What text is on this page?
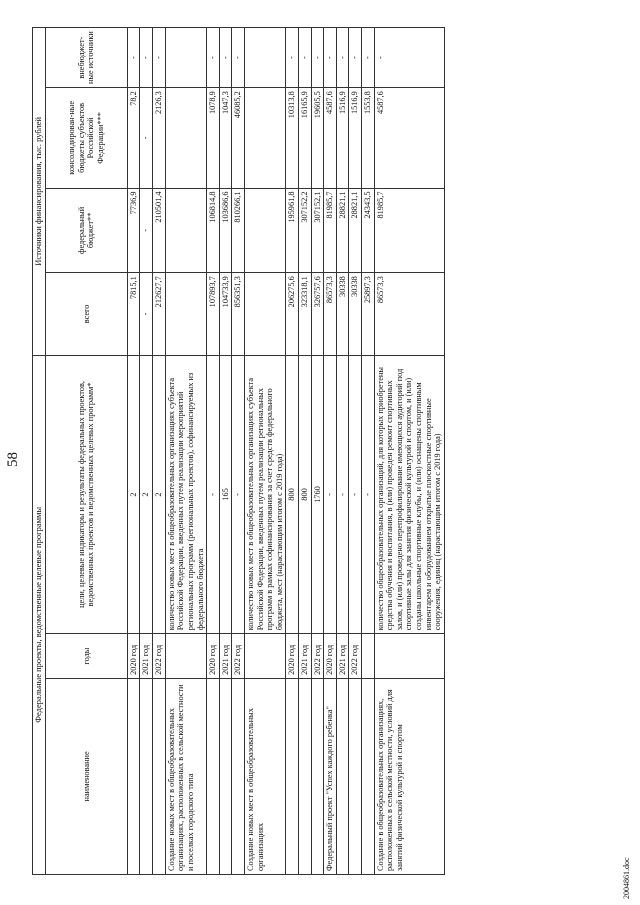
58
Федеральные проекты, ведомственные целевые программы			Источники финансирования, тыс. рублей			
наименование	годы	цели, целевые индикаторы и результаты федеральных проектов, ведомственных проектов и ведомственных целевых программ*	всего	федеральный бюджет**	консолидирован-ные бюджеты субъектов Российской Федерации***	внебюджет-ные источники
	2020 год	2	7815,1	7736,9	78,2	-
	2021 год	2	-	-	-	-
	2022 год	2	212627,7	210501,4	2126,3	-
Создание новых мест в общеобразовательных организациях, расположенных в сельской местности и поселках городского типа		количество новых мест в общеобразовательных организациях субъекта Российской Федерации, введенных путем реализации мероприятий региональных программ (региональных проектов), софинансируемых из федерального бюджета				
	2020 год	-	107893,7	106814,8	1078,9	-
	2021 год	165	104733,9	103686,6	1047,3	-
	2022 год	-	856351,3	810266,1	46085,2	-
Создание новых мест в общеобразовательных организациях		количество новых мест в общеобразовательных организациях субъекта Российской Федерации, введенных путем реализации региональных программ в рамках софинансирования за счет средств федерального бюджета, мест (нарастающим итогом с 2019 года)				
	2020 год	800	206275,6	195961,8	10313,8	-
	2021 год	800	323318,1	307152,2	16165,9	-
	2022 год	1760	326757,6	307152,1	19605,5	-
Федеральный проект "Успех каждого ребенка"	2020 год	-	86573,3	81985,7	4587,6	-
	2021 год	-	30338	28821,1	1516,9	-
	2022 год	-	30338	28821,1	1516,9	-
		-	25897,3	24343,5	1553,8	-
Создание в общеобразовательных организациях, расположенных в сельской местности, условий для занятий физической культурой и спортом		количество общеобразовательных организаций, для которых приобретены средства обучения и воспитания, в (или) проведен ремонт спортивных залов, и (или) проведено перепрофилирование имеющихся аудиторий под спортивные залы для занятия физической культурой и спортом, и (или) созданы школьные спортивные клубы, и (или) оснащены спортивным инвентарем и оборудованием открытые плоскостные спортивные сооружения, единиц (нарастающим итогом с 2019 года)	86573,3	81985,7	4587,6	-
2004861.doc
